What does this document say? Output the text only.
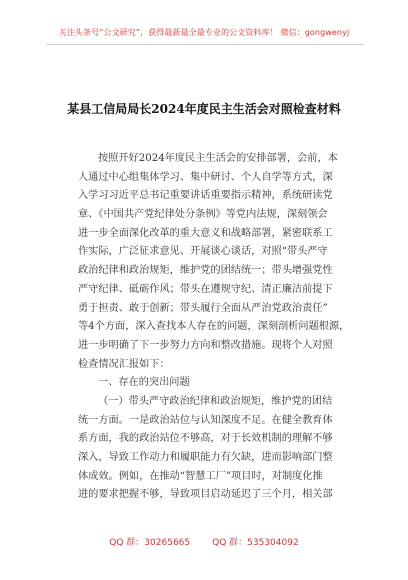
关注头条号“公文研究”，获得最新最全最专业的公文资料库！ 微信：gongwenyj
某县工信局局长2024年度民主生活会对照检查材料
按照开好2024年度民主生活会的安排部署，会前，本
人通过中心组集体学习、集中研讨、个人自学等方式，深
入学习习近平总书记重要讲话重要指示精神，系统研读党
章、《中国共产党纪律处分条例》等党内法规，深刻领会
进一步全面深化改革的重大意义和战略部署，紧密联系工
作实际，广泛征求意见、开展谈心谈话，对照“带头严守
政治纪律和政治规矩，维护党的团结统一；带头增强党性
严守纪律、砥砺作风；带头在遵规守纪、清正廉洁前提下
勇于担责、敢于创新；带头履行全面从严治党政治责任”
等4个方面，深入查找本人存在的问题，深刻剖析问题根源，
进一步明确了下一步努力方向和整改措施。现将个人对照
检查情况汇报如下：
一、存在的突出问题
（一）带头严守政治纪律和政治规矩，维护党的团结
统一方面。一是政治站位与认知深度不足。在健全教育体
系方面，我的政治站位不够高，对于长效机制的理解不够
深入，导致工作动力和履职能力有欠缺，进而影响部门整
体成效。例如，在推动“智慧工厂”项目时，对制度化推
进的要求把握不够，导致项目启动延迟了三个月，相关部
QQ 群：30265665 QQ 群：535304092
